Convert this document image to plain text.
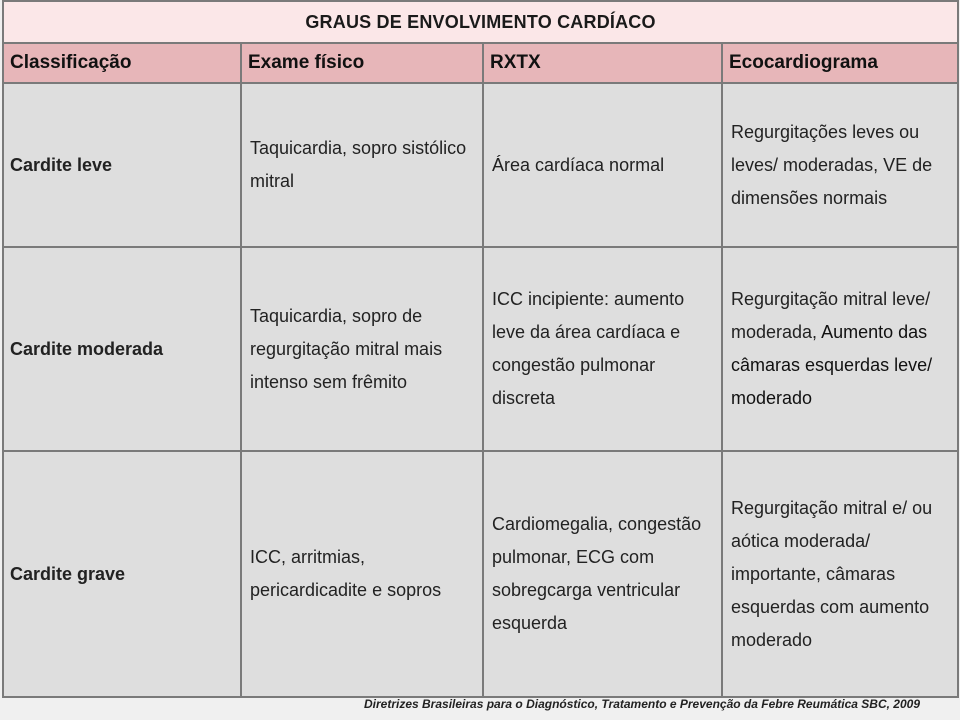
GRAUS DE ENVOLVIMENTO CARDÍACO			
Classificação	Exame físico	RXTX	Ecocardiograma
Cardite leve	Taquicardia, sopro sistólico mitral	Área cardíaca normal	Regurgitações leves ou leves/ moderadas, VE de dimensões normais
Cardite moderada	Taquicardia, sopro de regurgitação mitral mais intenso sem frêmito	ICC incipiente: aumento leve da área cardíaca e congestão pulmonar discreta	Regurgitação mitral leve/ moderada, Aumento das câmaras esquerdas leve/ moderado
Cardite grave	ICC, arritmias, pericardicadite e sopros	Cardiomegalia, congestão pulmonar, ECG com sobregcarga ventricular esquerda	Regurgitação mitral e/ ou aótica moderada/ importante, câmaras esquerdas com aumento moderado
Diretrizes Brasileiras para o Diagnóstico, Tratamento e Prevenção da Febre Reumática SBC, 2009
